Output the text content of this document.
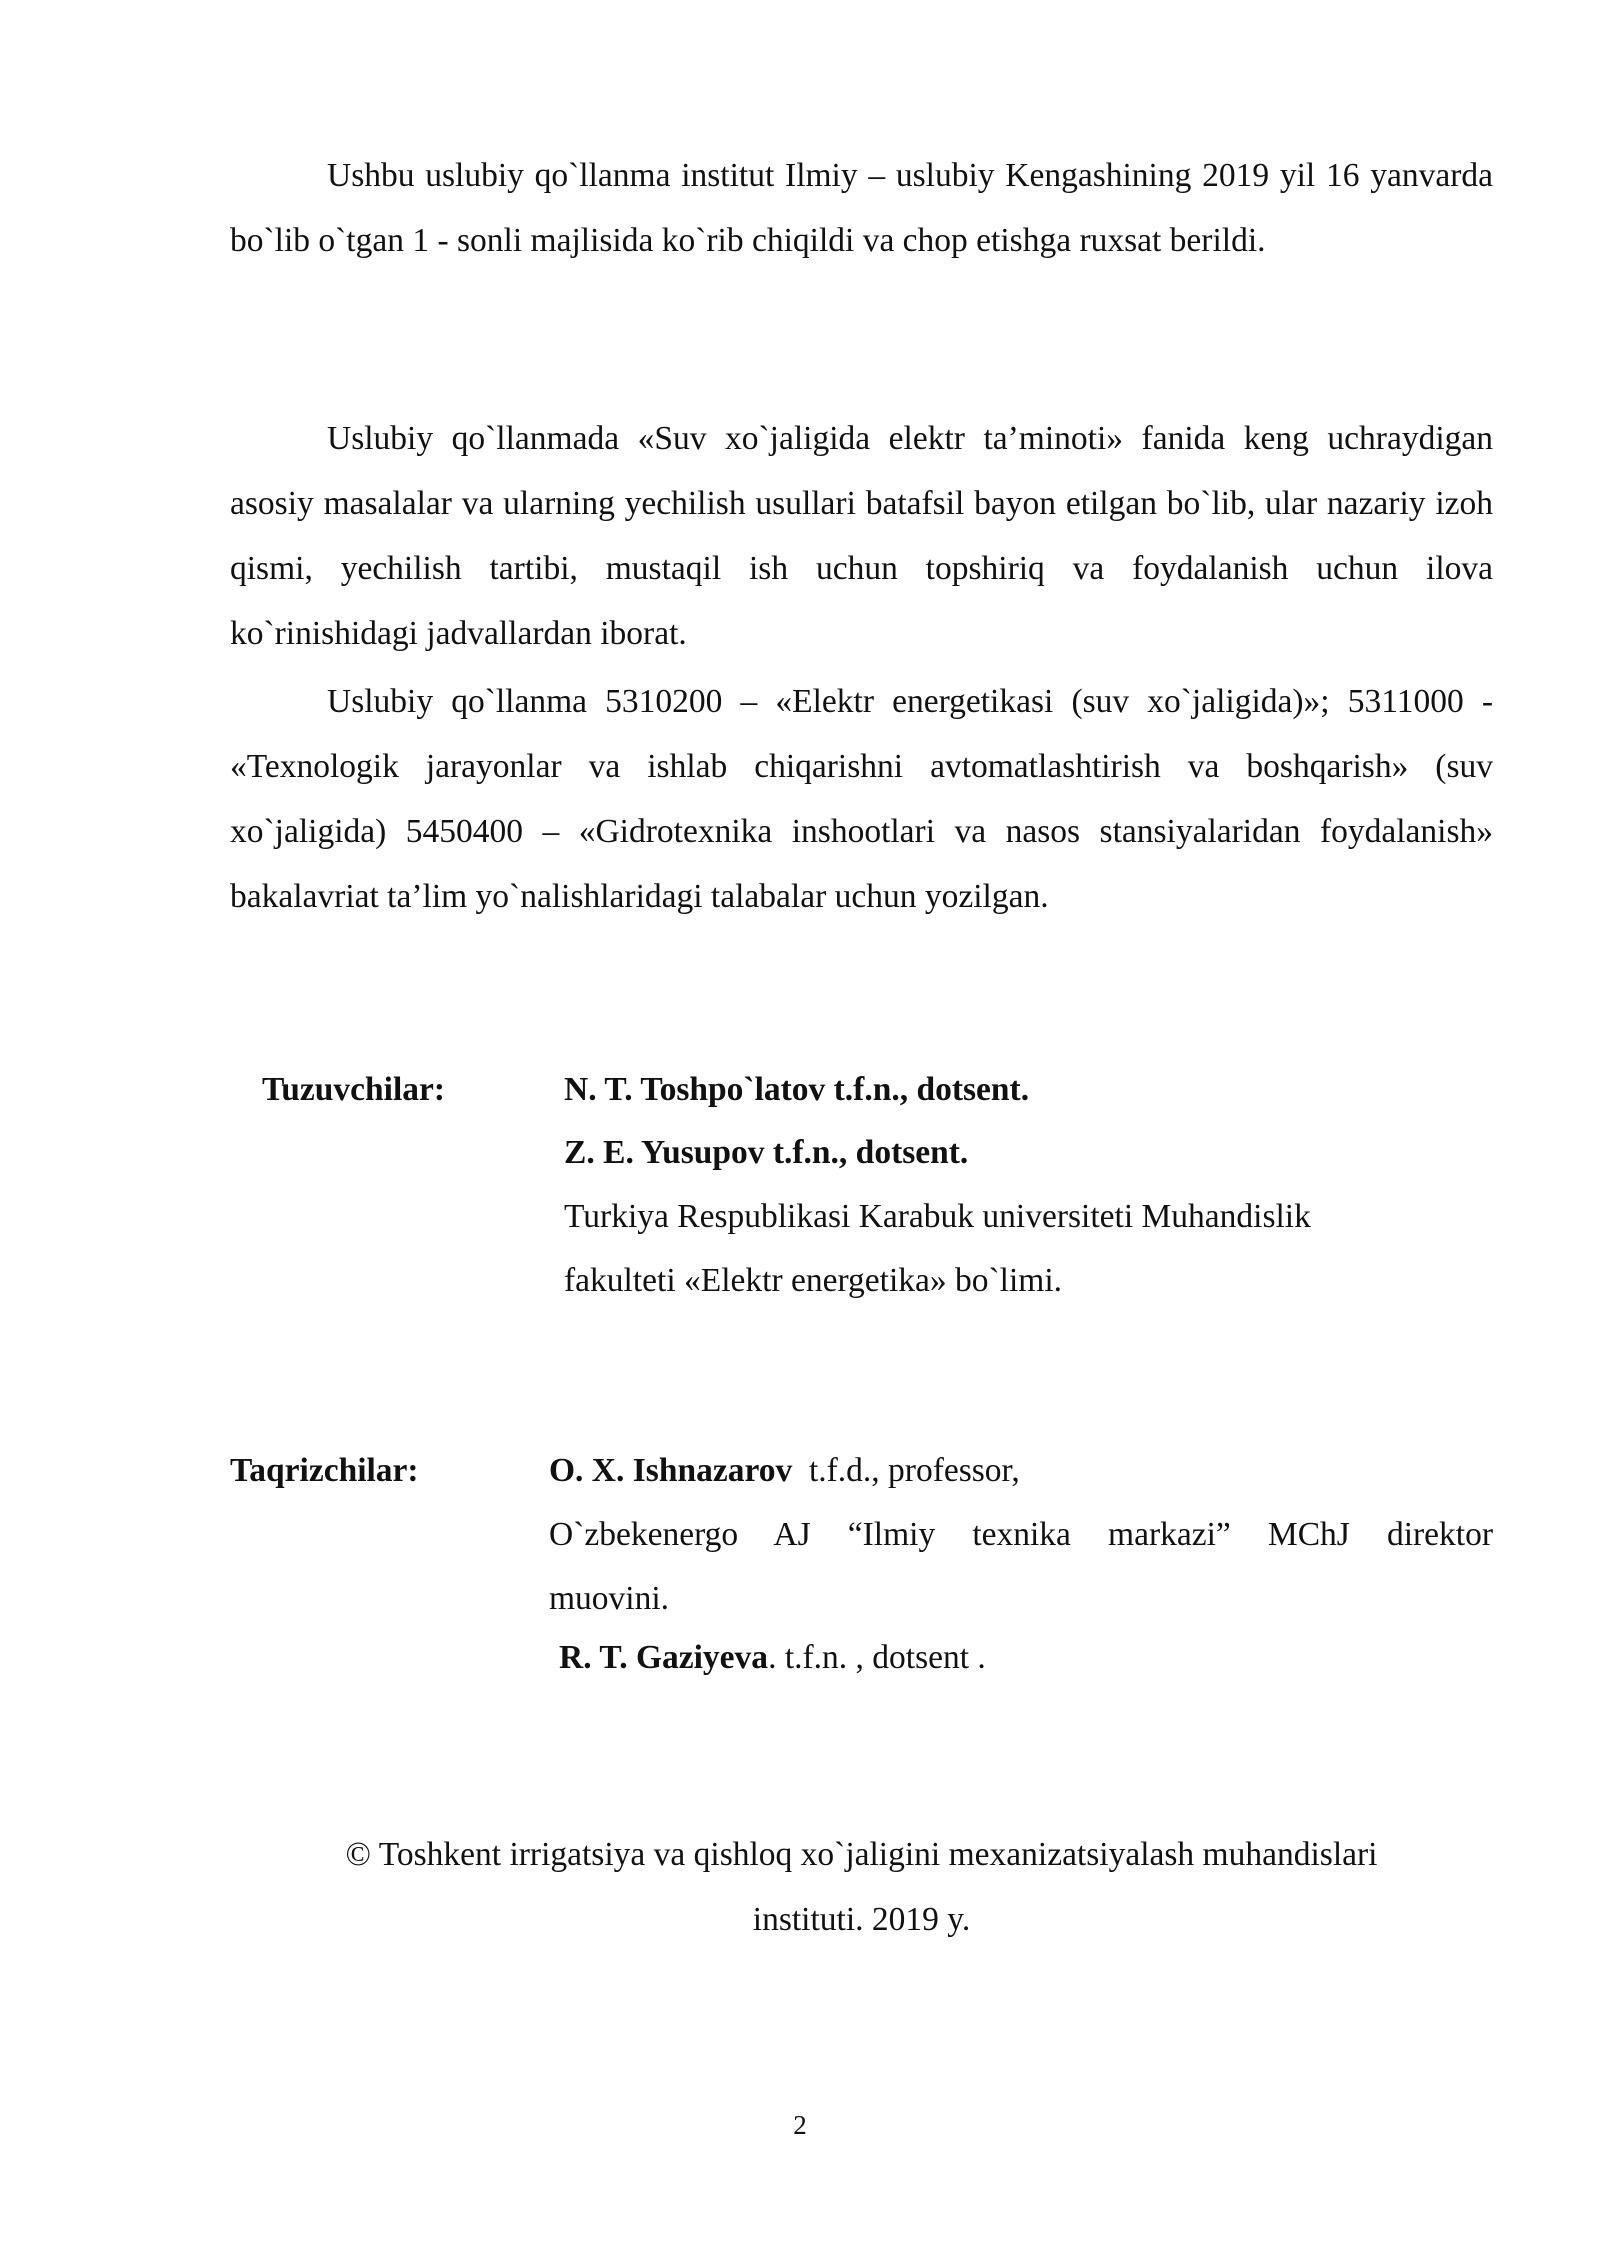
Ushbu uslubiy qo`llanma institut Ilmiy – uslubiy Kengashining 2019 yil 16 yanvarda bo`lib o`tgan 1 - sonli majlisida ko`rib chiqildi va chop etishga ruxsat berildi.

Uslubiy qo`llanmada «Suv xo`jaligida elektr ta’minoti» fanida keng uchraydigan asosiy masalalar va ularning yechilish usullari batafsil bayon etilgan bo`lib, ular nazariy izoh qismi, yechilish tartibi, mustaqil ish uchun topshiriq va foydalanish uchun ilova ko`rinishidagi jadvallardan iborat.

Uslubiy qo`llanma 5310200 – «Elektr energetikasi (suv xo`jaligida)»; 5311000 - «Texnologik jarayonlar va ishlab chiqarishni avtomatlashtirish va boshqarish» (suv xo`jaligida) 5450400 – «Gidrotexnika inshootlari va nasos stansiyalaridan foydalanish» bakalavriat ta’lim yo`nalishlaridagi talabalar uchun yozilgan.

Tuzuvchilar:	N. T. Toshpo`latov t.f.n., dotsent.
Z. E. Yusupov t.f.n., dotsent.
Turkiya Respublikasi Karabuk universiteti Muhandislik
fakulteti «Elektr energetika» bo`limi.
Taqrizchilar:	O. X. Ishnazarov  t.f.d., professor,
O`zbekenergo AJ “Ilmiy texnika markazi” MChJ direktor
muovini.
R. T. Gaziyeva. t.f.n. , dotsent .
© Toshkent irrigatsiya va qishloq xo`jaligini mexanizatsiyalash muhandislari
instituti. 2019 y.
2
